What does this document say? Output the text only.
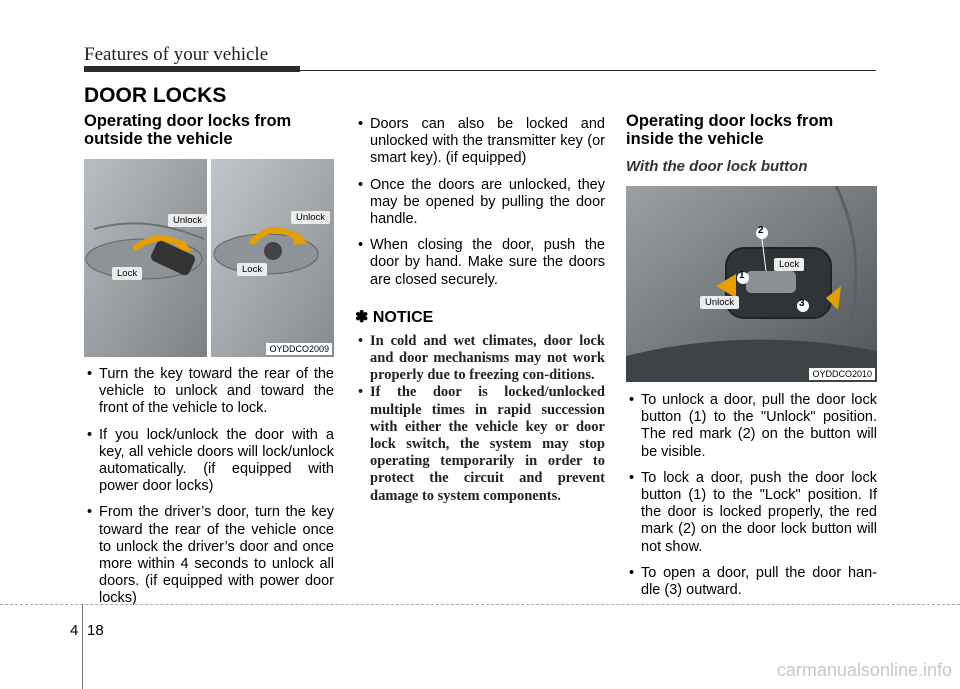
Features of your vehicle
DOOR LOCKS
Operating door locks from outside the vehicle
Unlock
Lock
Unlock
Lock
OYDDCO2009
• Turn the key toward the rear of the vehicle to unlock and toward the front of the vehicle to lock.
• If you lock/unlock the door with a key, all vehicle doors will lock/unlock automatically. (if equipped with power door locks)
• From the driver’s door, turn the key toward the rear of the vehicle once to unlock the driver’s door and once more within 4 seconds to unlock all doors. (if equipped with power door locks)
• Doors can also be locked and unlocked with the transmitter key (or smart key). (if equipped)
• Once the doors are unlocked, they may be opened by pulling the door handle.
• When closing the door, push the door by hand. Make sure the doors are closed securely.
✽ NOTICE
• In cold and wet climates, door lock and door mechanisms may not work properly due to freezing con-ditions.
• If the door is locked/unlocked multiple times in rapid succession with either the vehicle key or door lock switch, the system may stop operating temporarily in order to protect the circuit and prevent damage to system components.
Operating door locks from inside the vehicle
With the door lock button
1
2
3
Lock
Unlock
OYDDCO2010
• To unlock a door, pull the door lock button (1) to the "Unlock" position. The red mark (2) on the button will be visible.
• To lock a door, push the door lock button (1) to the "Lock" position. If the door is locked properly, the red mark (2) on the door lock button will not show.
• To open a door, pull the door han-dle (3) outward.
4 18
carmanualsonline.info
